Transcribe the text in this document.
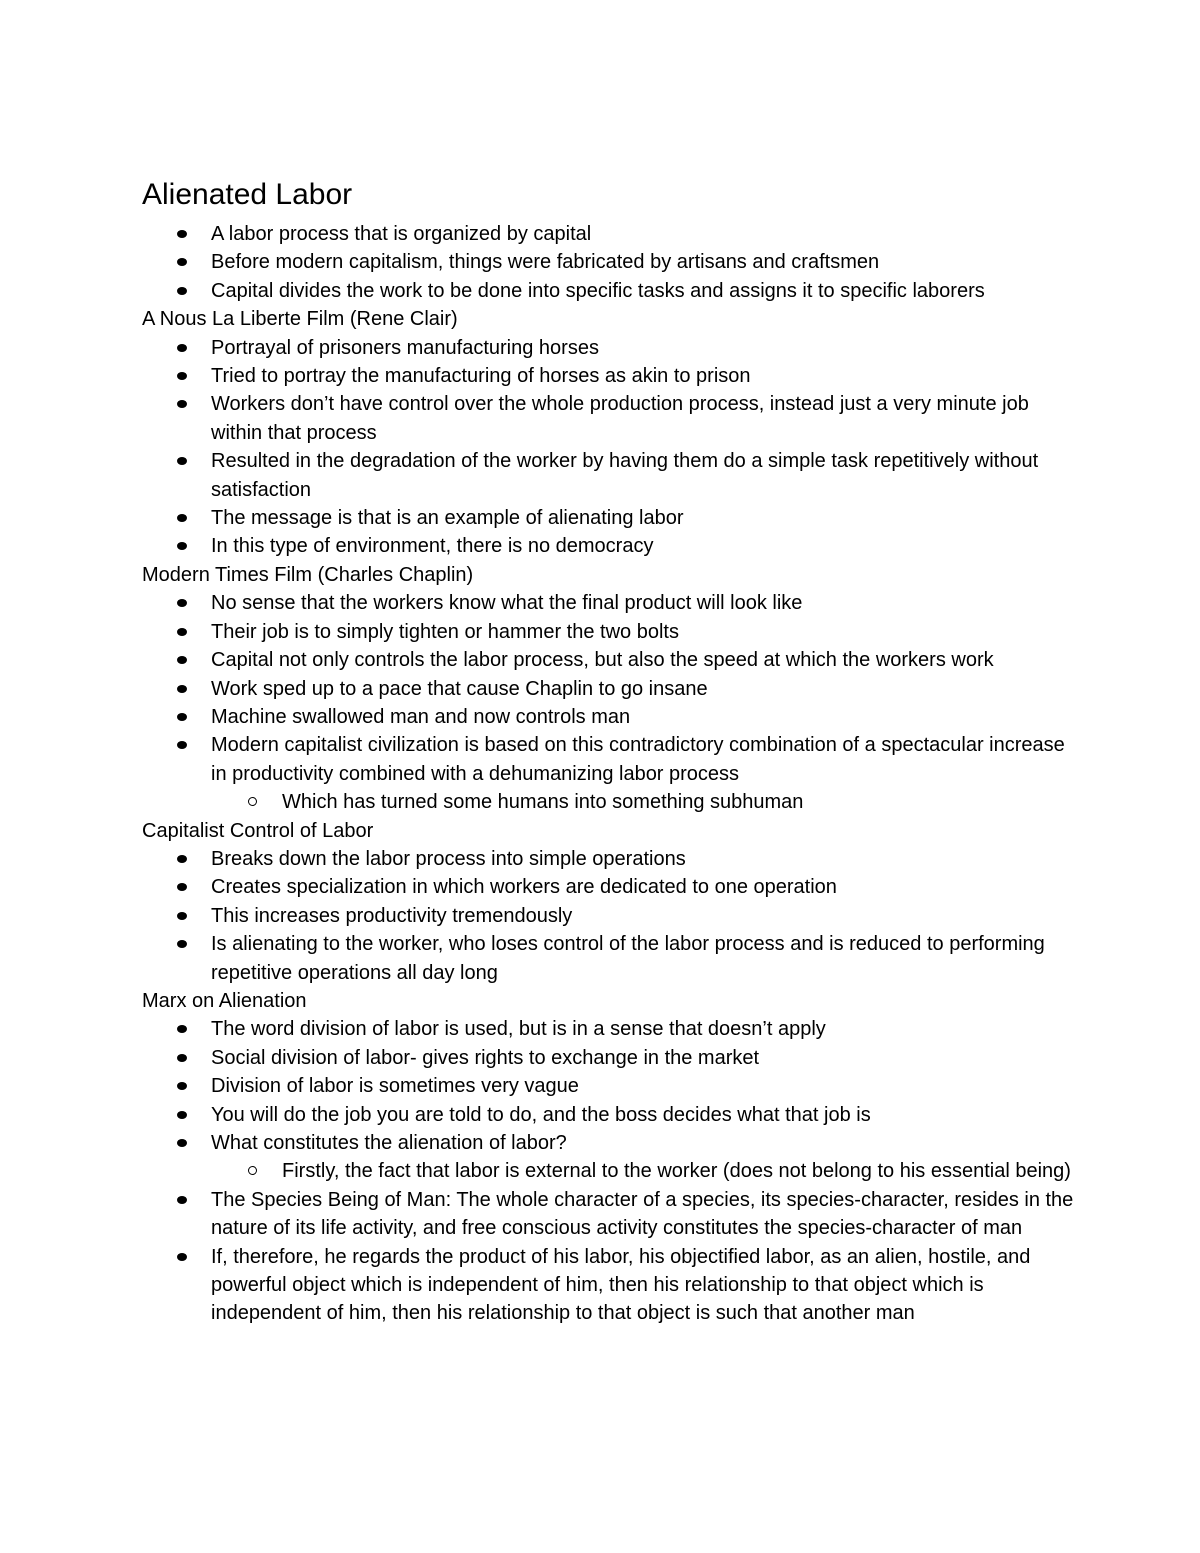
Alienated Labor
A labor process that is organized by capital
Before modern capitalism, things were fabricated by artisans and craftsmen
Capital divides the work to be done into specific tasks and assigns it to specific laborers
A Nous La Liberte Film (Rene Clair)
Portrayal of prisoners manufacturing horses
Tried to portray the manufacturing of horses as akin to prison
Workers don’t have control over the whole production process, instead just a very minute job within that process
Resulted in the degradation of the worker by having them do a simple task repetitively without satisfaction
The message is that is an example of alienating labor
In this type of environment, there is no democracy
Modern Times Film (Charles Chaplin)
No sense that the workers know what the final product will look like
Their job is to simply tighten or hammer the two bolts
Capital not only controls the labor process, but also the speed at which the workers work
Work sped up to a pace that cause Chaplin to go insane
Machine swallowed man and now controls man
Modern capitalist civilization is based on this contradictory combination of a spectacular increase in productivity combined with a dehumanizing labor process
Which has turned some humans into something subhuman
Capitalist Control of Labor
Breaks down the labor process into simple operations
Creates specialization in which workers are dedicated to one operation
This increases productivity tremendously
Is alienating to the worker, who loses control of the labor process and is reduced to performing repetitive operations all day long
Marx on Alienation
The word division of labor is used, but is in a sense that doesn’t apply
Social division of labor- gives rights to exchange in the market
Division of labor is sometimes very vague
You will do the job you are told to do, and the boss decides what that job is
What constitutes the alienation of labor?
Firstly, the fact that labor is external to the worker (does not belong to his essential being)
The Species Being of Man: The whole character of a species, its species-character, resides in the nature of its life activity, and free conscious activity constitutes the species-character of man
If, therefore, he regards the product of his labor, his objectified labor, as an alien, hostile, and powerful object which is independent of him, then his relationship to that object which is independent of him, then his relationship to that object is such that another man
